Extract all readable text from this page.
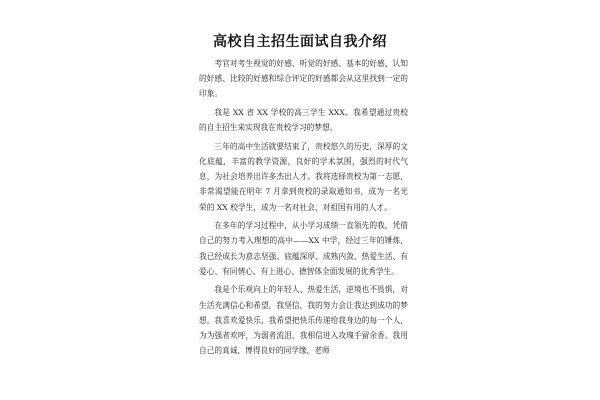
高校自主招生面试自我介绍

考官对考生视觉的好感、听觉的好感、基本的好感、认知的好感、比较的好感和综合评定的好感都会从这里找到一定的印象。

我是 XX 省 XX 学校的高三学生 XXX。我希望通过贵校的自主招生来实现我在贵校学习的梦想。

三年的高中生活就要结束了，贵校悠久的历史，深厚的文化底蕴，丰富的教学资源，良好的学术氛围，强烈的时代气息，为社会培养出许多杰出人才。我将选择贵校为第一志愿，非常渴望能在明年 7 月拿到贵校的录取通知书，成为一名光荣的 XX 校学生，成为一名对社会、对祖国有用的人才。

在多年的学习过程中，从小学习成绩一直领先的我，凭借自己的努力考入理想的高中——XX 中学，经过三年的锤炼，我已经成长为意志坚强、底蕴深厚、成熟内敛、热爱生活、有爱心、有同情心、有上进心、德智体全面发展的优秀学生。

我是个乐观向上的年轻人、热爱生活，逆境也不畏惧，对生活充满信心和希望，我坚信，我的努力会让我达到成功的梦想。我喜欢爱快乐，我希望把快乐传递给我身边的每一个人，为为强者欢呼，为弱者流泪，我相信进入攻瑰手留余香。我用自己的真诚，博得良好的同学缘，老师
